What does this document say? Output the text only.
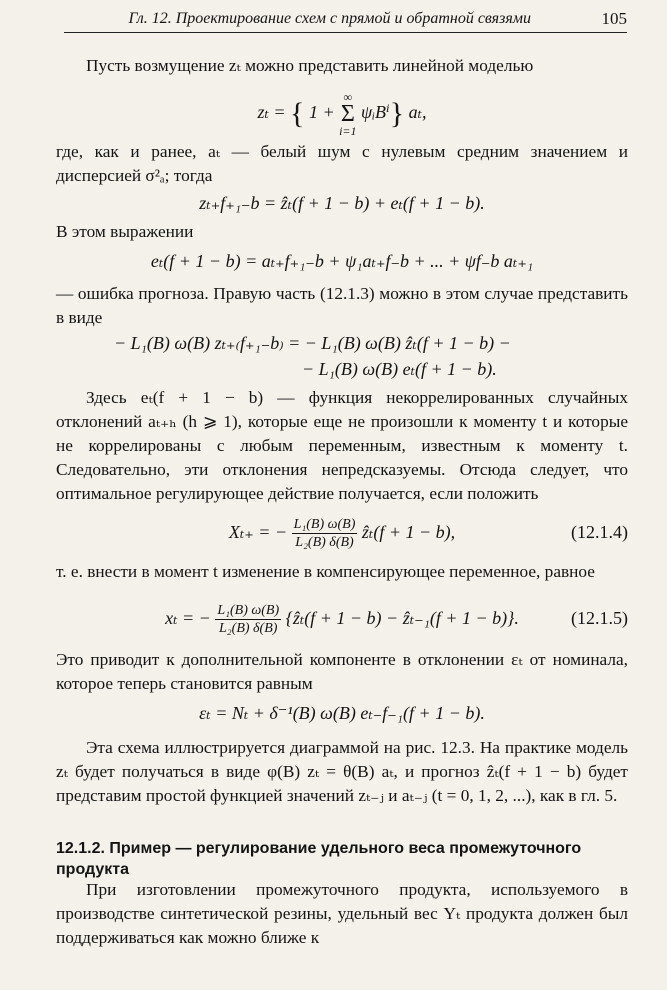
Гл. 12. Проектирование схем с прямой и обратной связями	105
Пусть возмущение zₜ можно представить линейной моделью
zₜ = { 1 + ∞
Σ
i=1 ψᵢBⁱ} aₜ,
где, как и ранее, aₜ — белый шум с нулевым средним значением и дисперсией σ²ₐ; тогда
zₜ₊f₊₁₋b = ẑₜ(f + 1 − b) + eₜ(f + 1 − b).
В этом выражении
eₜ(f + 1 − b) = aₜ₊f₊₁₋b + ψ₁aₜ₊f₋b + ... + ψf₋b aₜ₊₁
— ошибка прогноза. Правую часть (12.1.3) можно в этом случае представить в виде
− L₁(B) ω(B) zₜ₊₍f₊₁₋b₎ = − L₁(B) ω(B) ẑₜ(f + 1 − b) −
− L₁(B) ω(B) eₜ(f + 1 − b).
Здесь eₜ(f + 1 − b) — функция некоррелированных случайных отклонений aₜ₊ₕ (h ⩾ 1), которые еще не произошли к моменту t и которые не коррелированы с любым переменным, известным к моменту t. Следовательно, эти отклонения непредсказуемы. Отсюда следует, что оптимальное регулирующее действие получается, если положить
Xₜ₊ = − $\frac{\text{L₁(B) ω(B)}}{\text{L₂(B) δ(B)}}$ ẑₜ(f + 1 − b),	(12.1.4)
т. е. внести в момент t изменение в компенсирующее переменное, равное
xₜ = − $\frac{\text{L₁(B) ω(B)}}{\text{L₂(B) δ(B)}}$ {ẑₜ(f + 1 − b) − ẑₜ₋₁(f + 1 − b)}.	(12.1.5)
Это приводит к дополнительной компоненте в отклонении εₜ от номинала, которое теперь становится равным
εₜ = Nₜ + δ⁻¹(B) ω(B) eₜ₋f₋₁(f + 1 − b).
Эта схема иллюстрируется диаграммой на рис. 12.3. На практике модель zₜ будет получаться в виде φ(B) zₜ = θ(B) aₜ, и прогноз ẑₜ(f + 1 − b) будет представим простой функцией значений zₜ₋ⱼ и aₜ₋ⱼ (t = 0, 1, 2, ...), как в гл. 5.
12.1.2. Пример — регулирование удельного веса промежуточного продукта
При изготовлении промежуточного продукта, используемого в производстве синтетической резины, удельный вес Yₜ продукта должен был поддерживаться как можно ближе к
